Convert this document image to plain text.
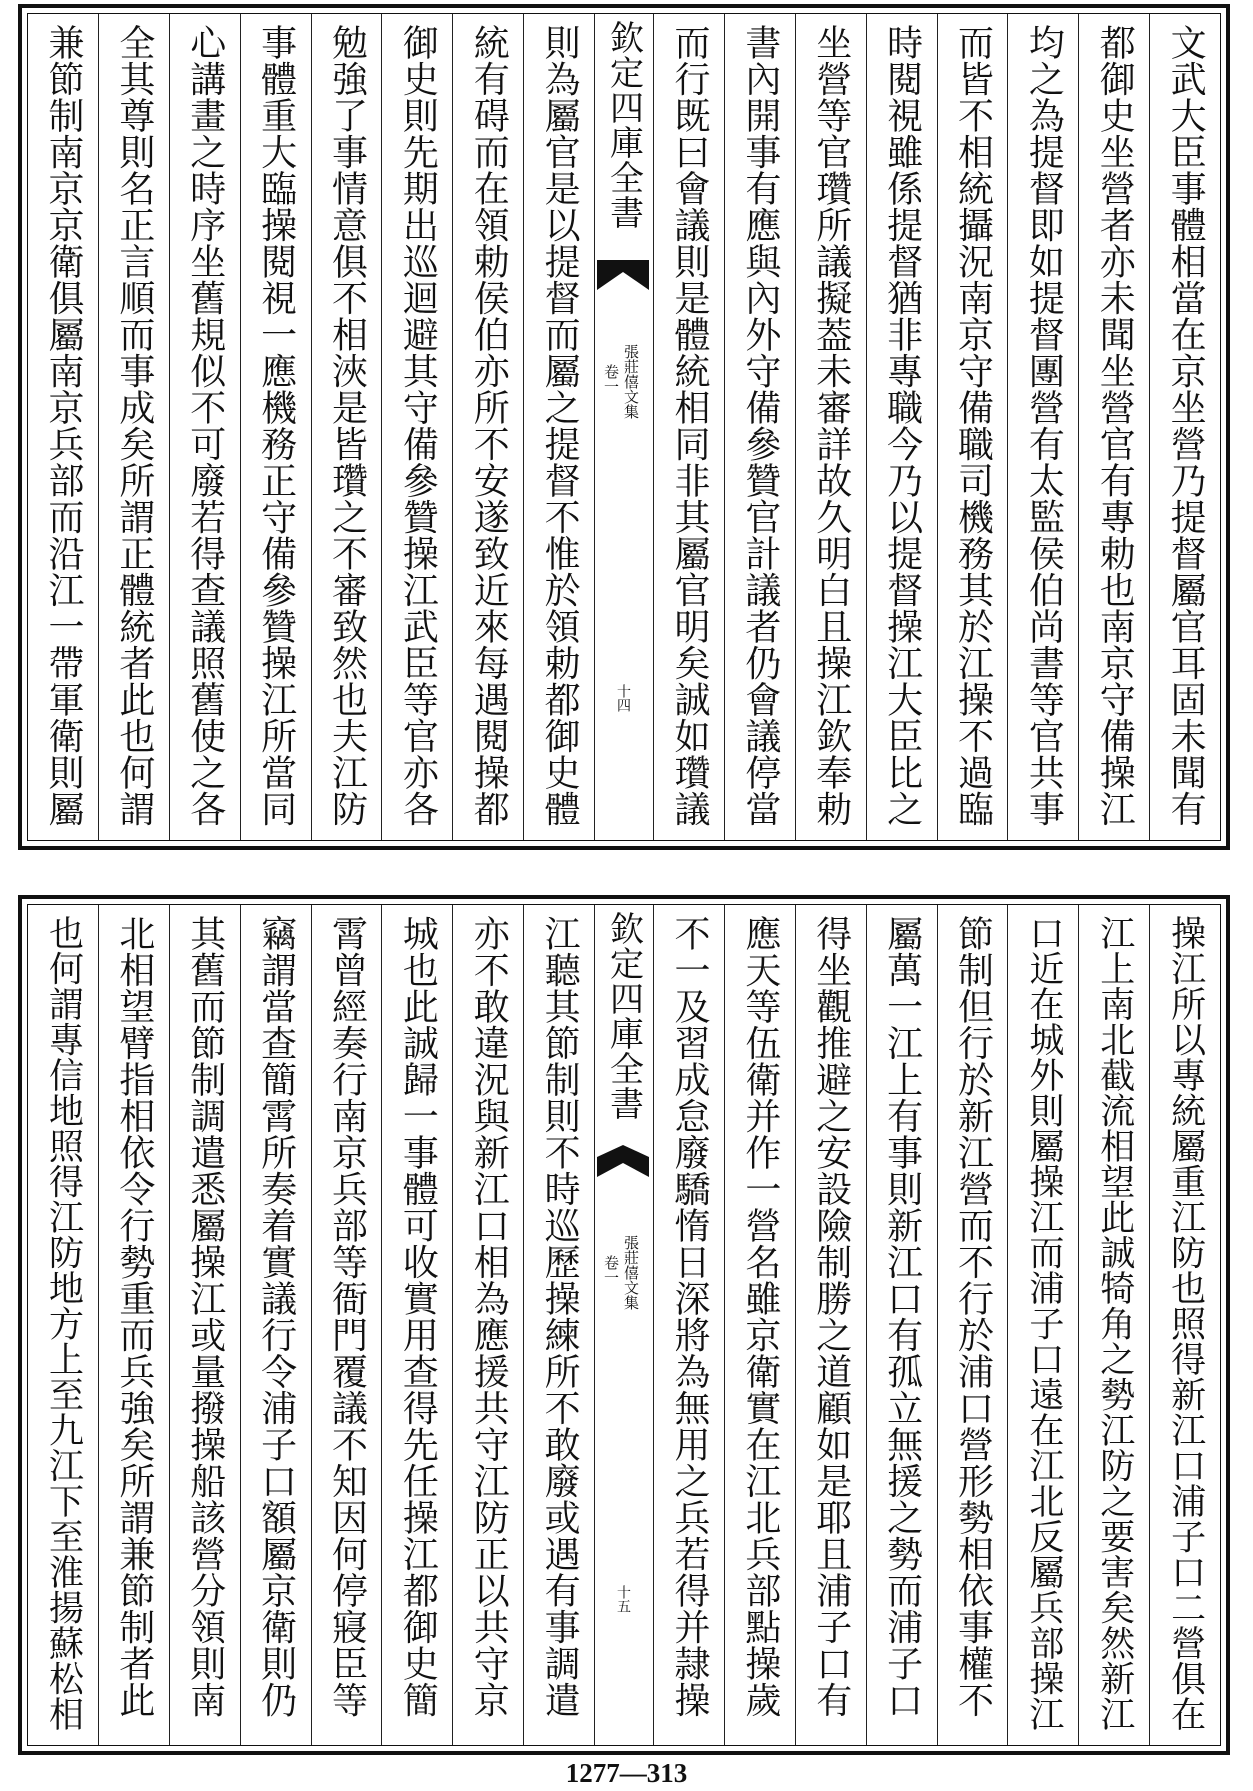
文武大臣事體相當在京坐營乃提督屬官耳固未聞有
都御史坐營者亦未聞坐營官有專勅也南京守備操江
均之為提督即如提督團營有太監侯伯尚書等官共事
而皆不相統攝況南京守備職司機務其於江操不過臨
時閱視雖係提督猶非專職今乃以提督操江大臣比之
坐營等官瓚所議擬葢未審詳故久明白且操江欽奉勅
書內開事有應與內外守備參贊官計議者仍會議停當
而行既曰會議則是體統相同非其屬官明矣誠如瓚議
欽定四庫全書
張莊僖文集
卷一
十四
則為屬官是以提督而屬之提督不惟於領勅都御史體
統有碍而在領勅侯伯亦所不安遂致近來每遇閱操都
御史則先期出巡迴避其守備參贊操江武臣等官亦各
勉強了事情意俱不相浹是皆瓚之不審致然也夫江防
事體重大臨操閱視一應機務正守備參贊操江所當同
心講畫之時序坐舊規似不可廢若得查議照舊使之各
全其尊則名正言順而事成矣所謂正體統者此也何謂
兼節制南京京衛俱屬南京兵部而沿江一帶軍衛則屬
操江所以專統屬重江防也照得新江口浦子口二營俱在
江上南北截流相望此誠犄角之勢江防之要害矣然新江
口近在城外則屬操江而浦子口遠在江北反屬兵部操江
節制但行於新江營而不行於浦口營形勢相依事權不
屬萬一江上有事則新江口有孤立無援之勢而浦子口
得坐觀推避之安設險制勝之道顧如是耶且浦子口有
應天等伍衛并作一營名雖京衛實在江北兵部點操歲
不一及習成怠廢驕惰日深將為無用之兵若得并隷操
欽定四庫全書
張莊僖文集
卷一
十五
江聽其節制則不時巡歷操練所不敢廢或遇有事調遣
亦不敢違況與新江口相為應援共守江防正以共守京
城也此誠歸一事體可收實用查得先任操江都御史簡
霄曾經奏行南京兵部等衙門覆議不知因何停寢臣等
竊謂當查簡霄所奏着實議行令浦子口額屬京衛則仍
其舊而節制調遣悉屬操江或量撥操船該營分領則南
北相望臂指相依令行勢重而兵強矣所謂兼節制者此
也何謂專信地照得江防地方上至九江下至淮揚蘇松相
1277—313
